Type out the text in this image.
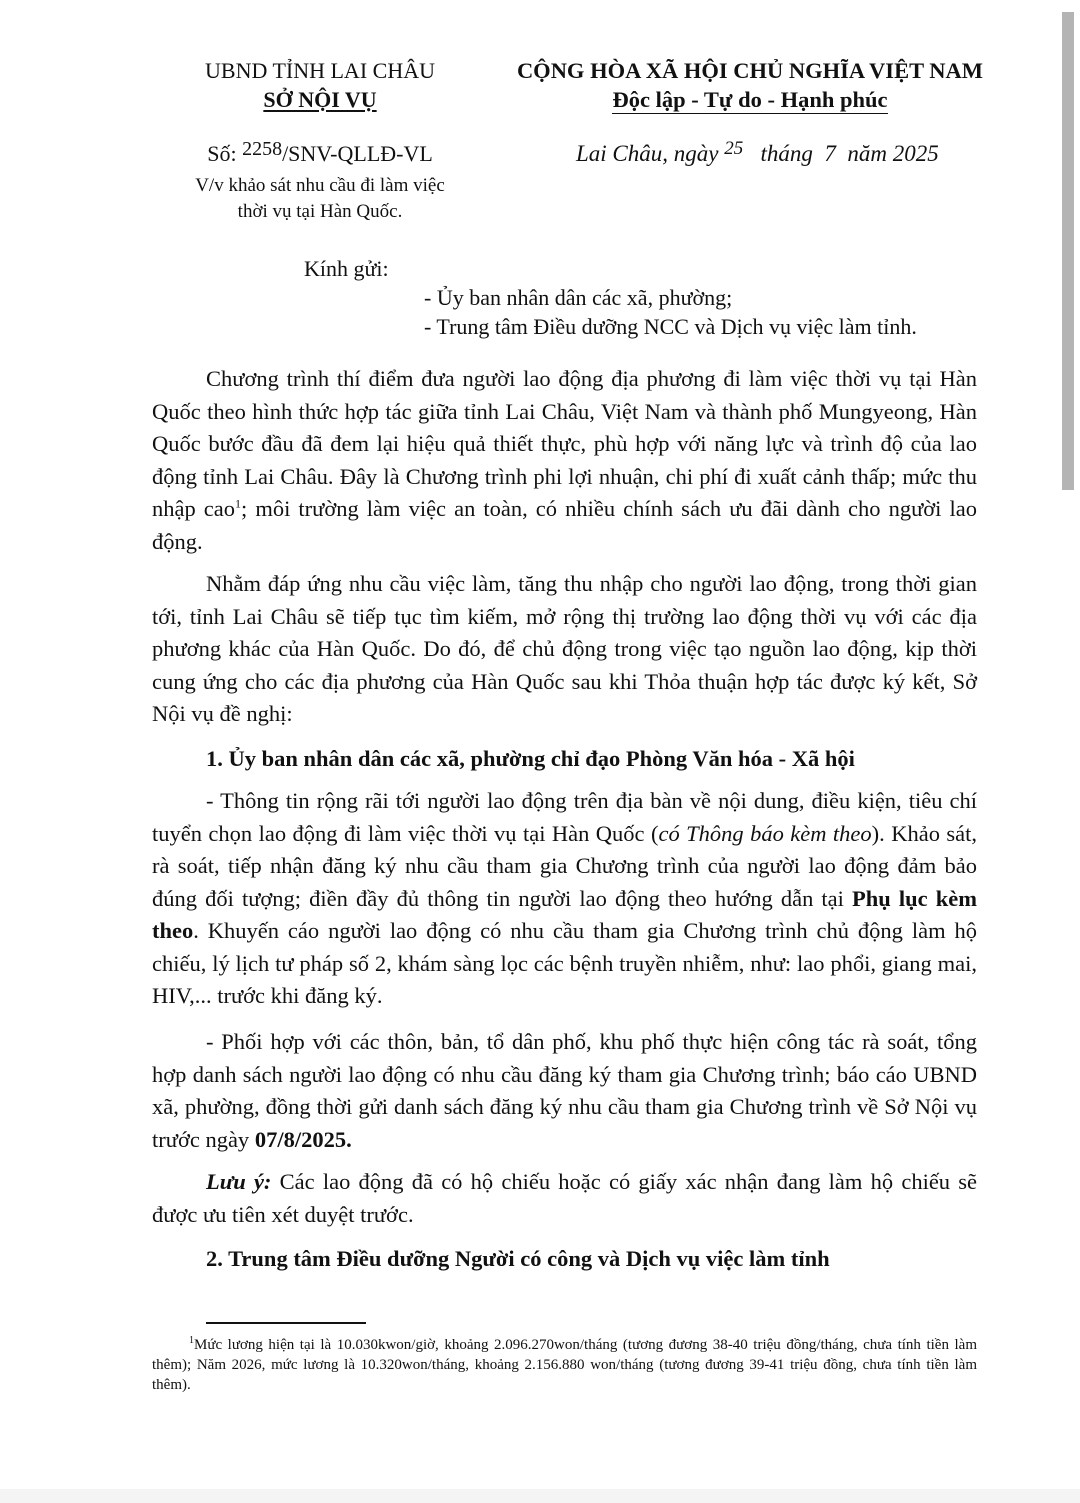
UBND TỈNH LAI CHÂU
SỞ NỘI VỤ
CỘNG HÒA XÃ HỘI CHỦ NGHĨA VIỆT NAM
Độc lập - Tự do - Hạnh phúc
Số: 2258/SNV-QLLĐ-VL
V/v khảo sát nhu cầu đi làm việc
thời vụ tại Hàn Quốc.
Lai Châu, ngày $^{25}$   tháng  7  năm 2025
Kính gửi:
- Ủy ban nhân dân các xã, phường;
- Trung tâm Điều dưỡng NCC và Dịch vụ việc làm tỉnh.
Chương trình thí điểm đưa người lao động địa phương đi làm việc thời vụ tại Hàn Quốc theo hình thức hợp tác giữa tỉnh Lai Châu, Việt Nam và thành phố Mungyeong, Hàn Quốc bước đầu đã đem lại hiệu quả thiết thực, phù hợp với năng lực và trình độ của lao động tỉnh Lai Châu. Đây là Chương trình phi lợi nhuận, chi phí đi xuất cảnh thấp; mức thu nhập cao$^1$; môi trường làm việc an toàn, có nhiều chính sách ưu đãi dành cho người lao động.
Nhằm đáp ứng nhu cầu việc làm, tăng thu nhập cho người lao động, trong thời gian tới, tỉnh Lai Châu sẽ tiếp tục tìm kiếm, mở rộng thị trường lao động thời vụ với các địa phương khác của Hàn Quốc. Do đó, để chủ động trong việc tạo nguồn lao động, kịp thời cung ứng cho các địa phương của Hàn Quốc sau khi Thỏa thuận hợp tác được ký kết, Sở Nội vụ đề nghị:
1. Ủy ban nhân dân các xã, phường chỉ đạo Phòng Văn hóa - Xã hội
- Thông tin rộng rãi tới người lao động trên địa bàn về nội dung, điều kiện, tiêu chí tuyển chọn lao động đi làm việc thời vụ tại Hàn Quốc (có Thông báo kèm theo). Khảo sát, rà soát, tiếp nhận đăng ký nhu cầu tham gia Chương trình của người lao động đảm bảo đúng đối tượng; điền đầy đủ thông tin người lao động theo hướng dẫn tại Phụ lục kèm theo. Khuyến cáo người lao động có nhu cầu tham gia Chương trình chủ động làm hộ chiếu, lý lịch tư pháp số 2, khám sàng lọc các bệnh truyền nhiễm, như: lao phổi, giang mai, HIV,... trước khi đăng ký.
- Phối hợp với các thôn, bản, tổ dân phố, khu phố thực hiện công tác rà soát, tổng hợp danh sách người lao động có nhu cầu đăng ký tham gia Chương trình; báo cáo UBND xã, phường, đồng thời gửi danh sách đăng ký nhu cầu tham gia Chương trình về Sở Nội vụ trước ngày 07/8/2025.
Lưu ý: Các lao động đã có hộ chiếu hoặc có giấy xác nhận đang làm hộ chiếu sẽ được ưu tiên xét duyệt trước.
2. Trung tâm Điều dưỡng Người có công và Dịch vụ việc làm tỉnh
$^1$Mức lương hiện tại là 10.030kwon/giờ, khoảng 2.096.270won/tháng (tương đương 38-40 triệu đồng/tháng, chưa tính tiền làm thêm); Năm 2026, mức lương là 10.320won/tháng, khoảng 2.156.880 won/tháng (tương đương 39-41 triệu đồng, chưa tính tiền làm thêm).
